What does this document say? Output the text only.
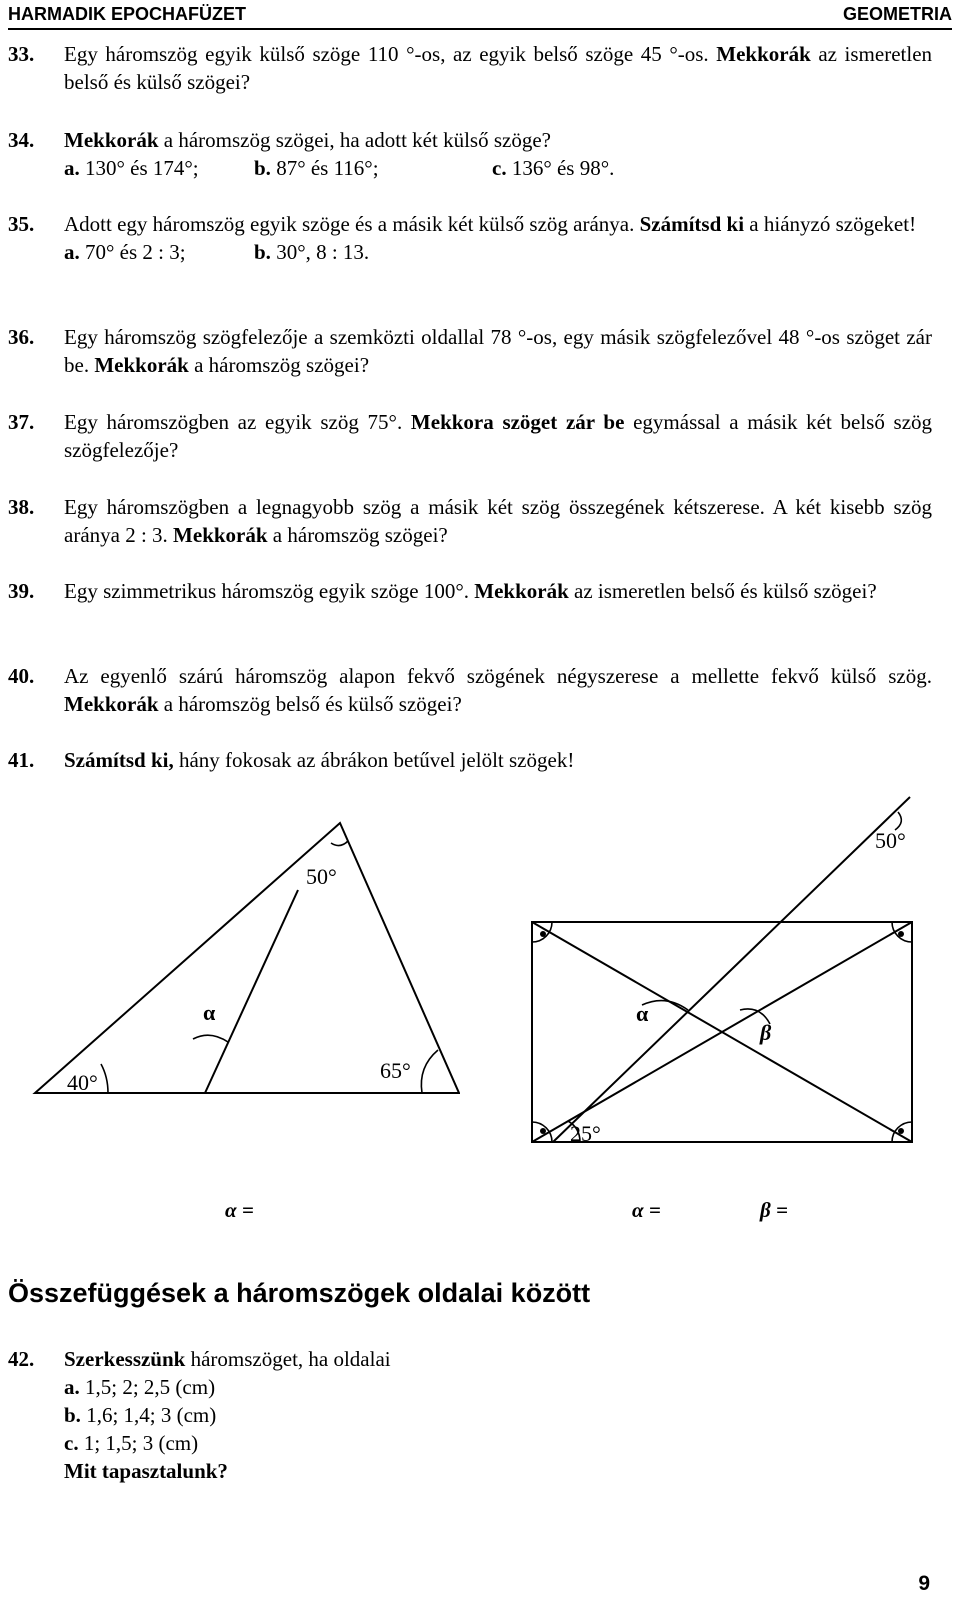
HARMADIK EPOCHAFÜZET	GEOMETRIA
33. Egy háromszög egyik külső szöge 110 °-os, az egyik belső szöge 45 °-os. Mekkorák az ismeretlen belső és külső szögei?
34. Mekkorák a háromszög szögei, ha adott két külső szöge?
a. 130° és 174°;	b. 87° és 116°;	c. 136° és 98°.
35. Adott egy háromszög egyik szöge és a másik két külső szög aránya. Számítsd ki a hiányzó szögeket!
a. 70° és 2 : 3;	b. 30°, 8 : 13.
36. Egy háromszög szögfelezője a szemközti oldallal 78 °-os, egy másik szögfelezővel 48 °-os szöget zár be. Mekkorák a háromszög szögei?
37. Egy háromszögben az egyik szög 75°. Mekkora szöget zár be egymással a másik két belső szög szögfelezője?
38. Egy háromszögben a legnagyobb szög a másik két szög összegének kétszerese. A két kisebb szög aránya 2 : 3. Mekkorák a háromszög szögei?
39. Egy szimmetrikus háromszög egyik szöge 100°. Mekkorák az ismeretlen belső és külső szögei?
40. Az egyenlő szárú háromszög alapon fekvő szögének négyszerese a mellette fekvő külső szög. Mekkorák a háromszög belső és külső szögei?
41. Számítsd ki, hány fokosak az ábrákon betűvel jelölt szögek!
50°
40°	65°
α
50°
25°
α
β
α =	α =	β =
Összefüggések a háromszögek oldalai között
42. Szerkesszünk háromszöget, ha oldalai
a. 1,5; 2; 2,5 (cm)
b. 1,6; 1,4; 3 (cm)
c. 1; 1,5; 3 (cm)
Mit tapasztalunk?
9
